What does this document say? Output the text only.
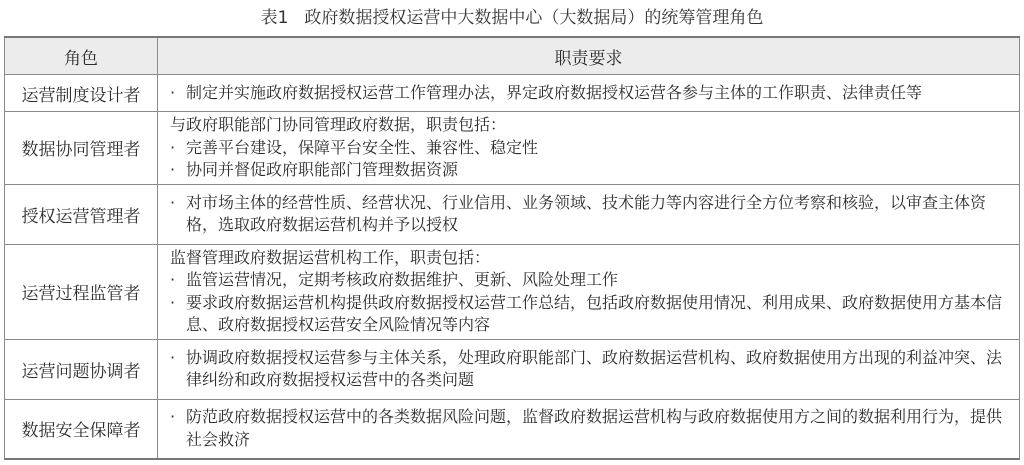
表1 政府数据授权运营中大数据中心（大数据局）的统筹管理角色
角色	职责要求
运营制度设计者	· 制定并实施政府数据授权运营工作管理办法，界定政府数据授权运营各参与主体的工作职责、法律责任等

数据协同管理者	与政府职能部门协同管理政府数据，职责包括：
· 完善平台建设，保障平台安全性、兼容性、稳定性
· 协同并督促政府职能部门管理数据资源

授权运营管理者	· 对市场主体的经营性质、经营状况、行业信用、业务领域、技术能力等内容进行全方位考察和核验，以审查主体资格，选取政府数据运营机构并予以授权

运营过程监管者	监督管理政府数据运营机构工作，职责包括：
· 监管运营情况，定期考核政府数据维护、更新、风险处理工作
· 要求政府数据运营机构提供政府数据授权运营工作总结，包括政府数据使用情况、利用成果、政府数据使用方基本信息、政府数据授权运营安全风险情况等内容

运营问题协调者	· 协调政府数据授权运营参与主体关系，处理政府职能部门、政府数据运营机构、政府数据使用方出现的利益冲突、法律纠纷和政府数据授权运营中的各类问题

数据安全保障者	· 防范政府数据授权运营中的各类数据风险问题，监督政府数据运营机构与政府数据使用方之间的数据利用行为，提供社会救济
